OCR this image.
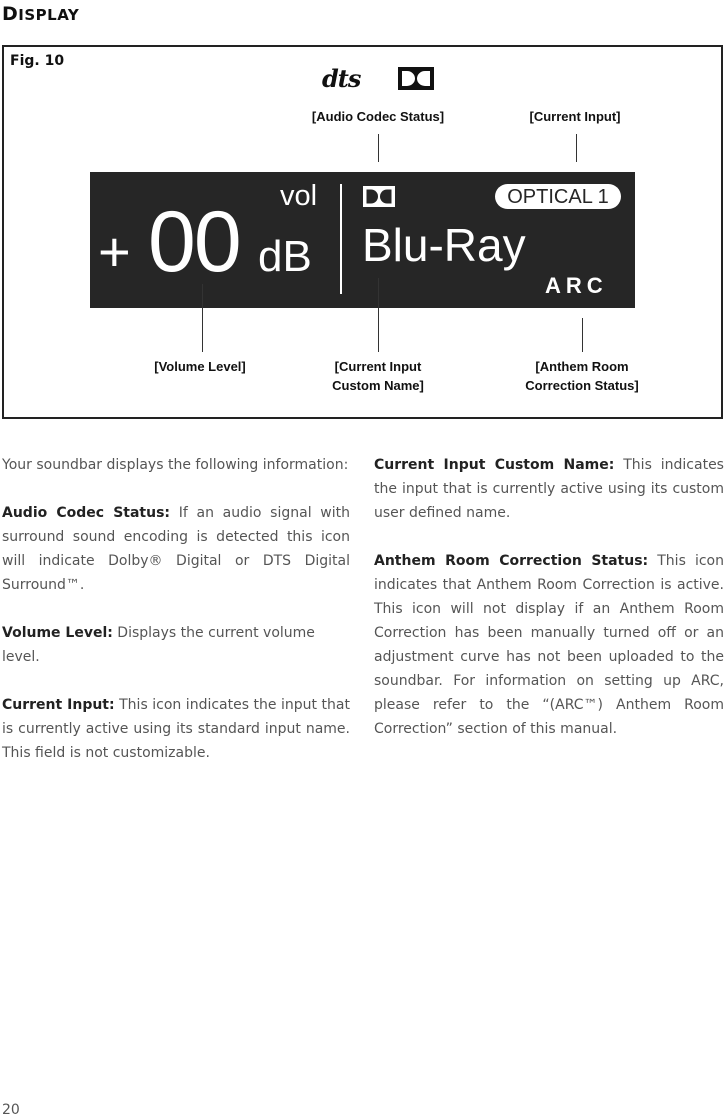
DISPLAY
Fig. 10
dts
[Audio Codec Status]	[Current Input]
vol
+ 00 dB
OPTICAL 1
Blu-Ray
ARC
[Volume Level]	[Current Input
Custom Name]
[Anthem Room
Correction Status]

Your soundbar displays the following information:

Audio Codec Status: If an audio signal with surround sound encoding is detected this icon will indicate Dolby® Digital or DTS Digital Surround™.

Volume Level: Displays the current volume level.

Current Input: This icon indicates the input that is currently active using its standard input name. This field is not customizable.

Current Input Custom Name: This indicates the input that is currently active using its custom user defined name.

Anthem Room Correction Status: This icon indicates that Anthem Room Correction is active. This icon will not display if an Anthem Room Correction has been manually turned off or an adjustment curve has not been uploaded to the soundbar. For information on setting up ARC, please refer to the “(ARC™) Anthem Room Correction” section of this manual.

20
